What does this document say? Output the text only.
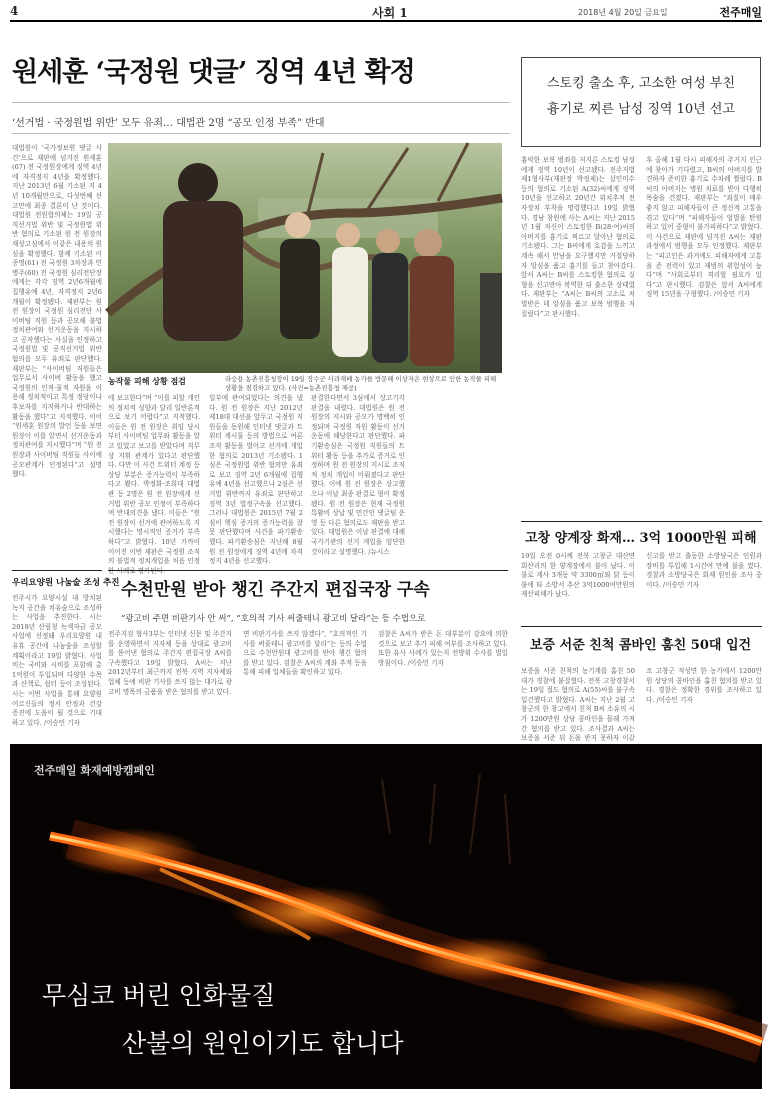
4	사회 1	2018년 4월 20일 금요일	전주매일
원세훈 ‘국정원 댓글’ 징역 4년 확정
‘선거법 · 국정원법 위반’ 모두 유죄… 대법관 2명 “공모 인정 부족” 반대
대법원이 ‘국가정보원 댓글 사건’으로 재판에 넘겨진 원세훈(67) 전 국정원장에게 징역 4년에 자격정지 4년을 확정했다. 지난 2013년 6월 기소된 지 4년 10개월만으로, 다섯번째 선고만에 최종 결론이 난 것이다. 대법원 전원합의체는 19일 공직선거법 위반 및 국정원법 위반 혐의로 기소된 원 전 원장의 재상고심에서 이같은 내용의 원심을 확정했다. 함께 기소된 이종명(61) 전 국정원 3차장과 민병주(60) 전 국정원 심리전단장에게는 각각 징역 2년6개월에 집행유예 4년, 자격정지 2년6개월이 확정됐다. 재판부는 원 전 원장이 국정원 심리전단 사이버팀 직원 등과 공모해 불법 정치관여와 선거운동을 지시하고 공작했다는 사실을 인정하고 국정원법 및 공직선거법 위반 혐의를 모두 유죄로 판단했다. 재판부는 “사이버팀 직원들은 업무로서 사이버 활동을 했고 국정원의 인적·물적 자원을 이용해 정치적이고 특정 정당이나 후보자를 지지하거나 반대하는 활동을 했다”고 지적했다. 이어 “원세훈 원장의 발언 등을 보면 원장이 이를 알면서 선거운동과 정치관여를 지시했다”며 “원 전 원장과 사이버팀 직원들 사이에 공모관계가 인정된다”고 설명했다.
농작물 피해 상황 점검	라승용 농촌진흥청장이 19일 장수군 사과재배 농가를 방문해 이상저온 현상으로 인한 농작물 피해 상황을 점검하고 있다. (사진=농촌진흥청 제공)
에 보고한다”며 “이를 피할 개인의 정치적 성향과 달리 일반론적으로 보기 어렵다”고 지적했다. 이들은 원 전 원장은 취임 당시부터 사이버팀 업무와 활동을 알고 있었고 보고를 받았다며 직무상 지휘 관계가 있다고 판단했다. 다만 이 사건 트위터 계정 등 상당 부분은 증거능력이 부족하다고 봤다. 박정화·조희대 대법관 등 2명은 원 전 원장에게 선거법 위반 공모 인정이 부족하다며 반대의견을 냈다. 이들은 “원 전 원장이 선거에 관여하도록 지시했다는 명시적인 증거가 부족하다”고 밝혔다. 10년 가까이 이어진 이번 재판은 국정원 조직의 불법적 정치개입을 처음 인정
일부에 관여되었다는 의견을 냈다. 원 전 원장은 지난 2012년 제18대 대선을 앞두고 국정원 직원들을 동원해 인터넷 댓글과 트위터 게시물 등의 방법으로 여론 조작 활동을 벌이고 선거에 개입한 혐의로 2013년 기소됐다. 1심은 국정원법 위반 혐의만 유죄로 보고 징역 2년 6개월에 집행유예 4년을 선고했으나 2심은 선거법 위반까지 유죄로 판단하고 징역 3년 법정구속을 선고했다. 그러나 대법원은 2015년 7월 2심이 핵심 증거의 증거능력을 잘못 판단했다며 사건을 파기환송했다. 파기환송심은 지난해 8월 원 전 원장에게 징역 4년에 자격정지 4년을 선고했다.
판결한다면서 3심에서 상고기각 판결을 내렸다. 대법원은 원 전 원장의 지시와 공모가 명백히 인정되며 국정원 직원 활동이 선거운동에 해당한다고 판단했다. 파기환송심은 국정원 직원들의 트위터 활동 등을 추가로 증거로 인정하며 원 전 원장의 지시로 조직적 정치 개입이 이뤄졌다고 판단했다. 이에 원 전 원장은 상고했으나 이날 최종 판결로 형이 확정됐다. 원 전 원장은 현재 국정원 특활비 상납 및 민간인 댓글팀 운영 등 다른 혐의로도 재판을 받고 있다. 대법원은 이날 판결에 대해 국가기관의 선거 개입을 엄단한 것이라고 설명했다. /뉴시스
스토킹 출소 후, 고소한 여성 부친
흉기로 찌른 남성 징역 10년 선고
흉악한 보복 범죄를 저지른 스토킹 남성에게 징역 10년이 선고됐다. 전주지법 제1형사부(재판장 박정제)는 살인미수 등의 혐의로 기소된 A(32)씨에게 징역 10년을 선고하고 20년간 위치추적 전자장치 부착을 명령했다고 19일 밝혔다. 경남 창원에 사는 A씨는 지난 2015년 1월 자신이 스토킹한 B(28·여)씨의 아버지를 흉기로 찌르고 달아난 혐의로 기소됐다. 그는 B씨에게 호감을 느끼고 계속 해서 만남을 요구했지만 거절당하자 앙심을 품고 흉기를 들고 찾아갔다. 앞서 A씨는 B씨를 스토킹한 혐의로 실형을 선고받아 복역한 뒤 출소한 상태였다. 재판부는 “A씨는 B씨의 고소로 처벌받은 데 앙심을 품고 보복 범행을 저질렀다”고 판시했다.
후 올해 1월 다시 피해자의 주거지 인근에 찾아가 기다렸고, B씨의 아버지를 발견하자 준비한 흉기로 수차례 찔렀다. B씨의 아버지는 병원 치료를 받아 다행히 목숨을 건졌다. 재판부는 “죄질이 매우 좋지 않고 피해자들이 큰 정신적 고통을 겪고 있다”며 “피해자들이 엄벌을 탄원하고 있어 중형이 불가피하다”고 밝혔다. 이 사건으로 재판에 넘겨진 A씨는 재판 과정에서 범행을 모두 인정했다. 재판부는 “피고인은 과거에도 피해자에게 고통을 준 전력이 있고 재범의 위험성이 높다”며 “사회로부터 격리할 필요가 있다”고 판시했다. 검찰은 앞서 A씨에게 징역 15년을 구형했다. /이승민 기자
고창 양계장 화재… 3억 1000만원 피해
19일 오전 0시께 전북 고창군 대산면 회산리의 한 양계장에서 불이 났다. 이 불로 계사 3개동 약 3300㎡와 닭 등이 불에 타 소방서 추산 3억1000여만원의 재산피해가 났다.
신고를 받고 출동한 소방당국은 인원과 장비를 투입해 1시간여 만에 불을 껐다. 경찰과 소방당국은 화재 원인을 조사 중이다. /이승민 기자
보증 서준 친척 콤바인 훔친 50대 입건
보증을 서준 친척의 농기계를 훔친 50대가 경찰에 붙잡혔다. 전북 고창경찰서는 19일 절도 혐의로 A(55)씨를 불구속 입건했다고 밝혔다. A씨는 지난 2월 고창군의 한 창고에서 친척 B씨 소유의 시가 1200만원 상당 콤바인을 몰래 가져간 혐의를 받고 있다. 조사결과 A씨는 보증을 서준 뒤 돈을 받지 못하자 이같
조 고창군 적성면 한 농가에서 1200만원 상당의 콤바인을 훔친 혐의를 받고 있다. 경찰은 정확한 경위를 조사하고 있다. /이승민 기자
우리요양원 나눔술 조성 추진
전주시가 요양시설 내 방치된 녹지 공간을 치유숲으로 조성하는 사업을 추진한다. 시는 2018년 산림청 녹색자금 공모사업에 선정돼 우리요양원 내 유휴 공간에 나눔숲을 조성할 계획이라고 19일 밝혔다. 사업비는 국비와 시비를 포함해 총 1억원이 투입되며 다양한 수목과 산책로, 쉼터 등이 조성된다. 시는 이번 사업을 통해 요양원 어르신들의 정서 안정과 건강 증진에 도움이 될 것으로 기대하고 있다. /이승민 기자
수천만원 받아 챙긴 주간지 편집국장 구속
“광고비 주면 비판기사 안 써”, “호의적 기사 써줄테니 광고비 달라”는 등 수법으로
전주지검 형사3부는 인터넷 신문 및 주간지를 운영하면서 지자체 등을 상대로 광고비를 뜯어낸 혐의로 주간지 편집국장 A씨를 구속했다고 19일 밝혔다. A씨는 지난 2012년부터 최근까지 전북 지역 지자체와 업체 등에 비판 기사를 쓰지 않는 대가로 광고비 명목의 금품을 받은 혐의를 받고 있다.
면 비판기사를 쓰지 않겠다”, “호의적인 기사를 써줄테니 광고비를 달라”는 등의 수법으로 수천만원대 광고비를 받아 챙긴 혐의를 받고 있다. 검찰은 A씨의 계좌 추적 등을 통해 피해 업체들을 확인하고 있다.
검찰은 A씨가 받은 돈 대부분이 강요에 의한 것으로 보고 추가 피해 여부를 조사하고 있다. 또한 유사 사례가 있는지 전방위 수사를 벌일 방침이다. /이승민 기자
전주매일 화재예방캠페인
무심코 버린 인화물질
산불의 원인이기도 합니다
